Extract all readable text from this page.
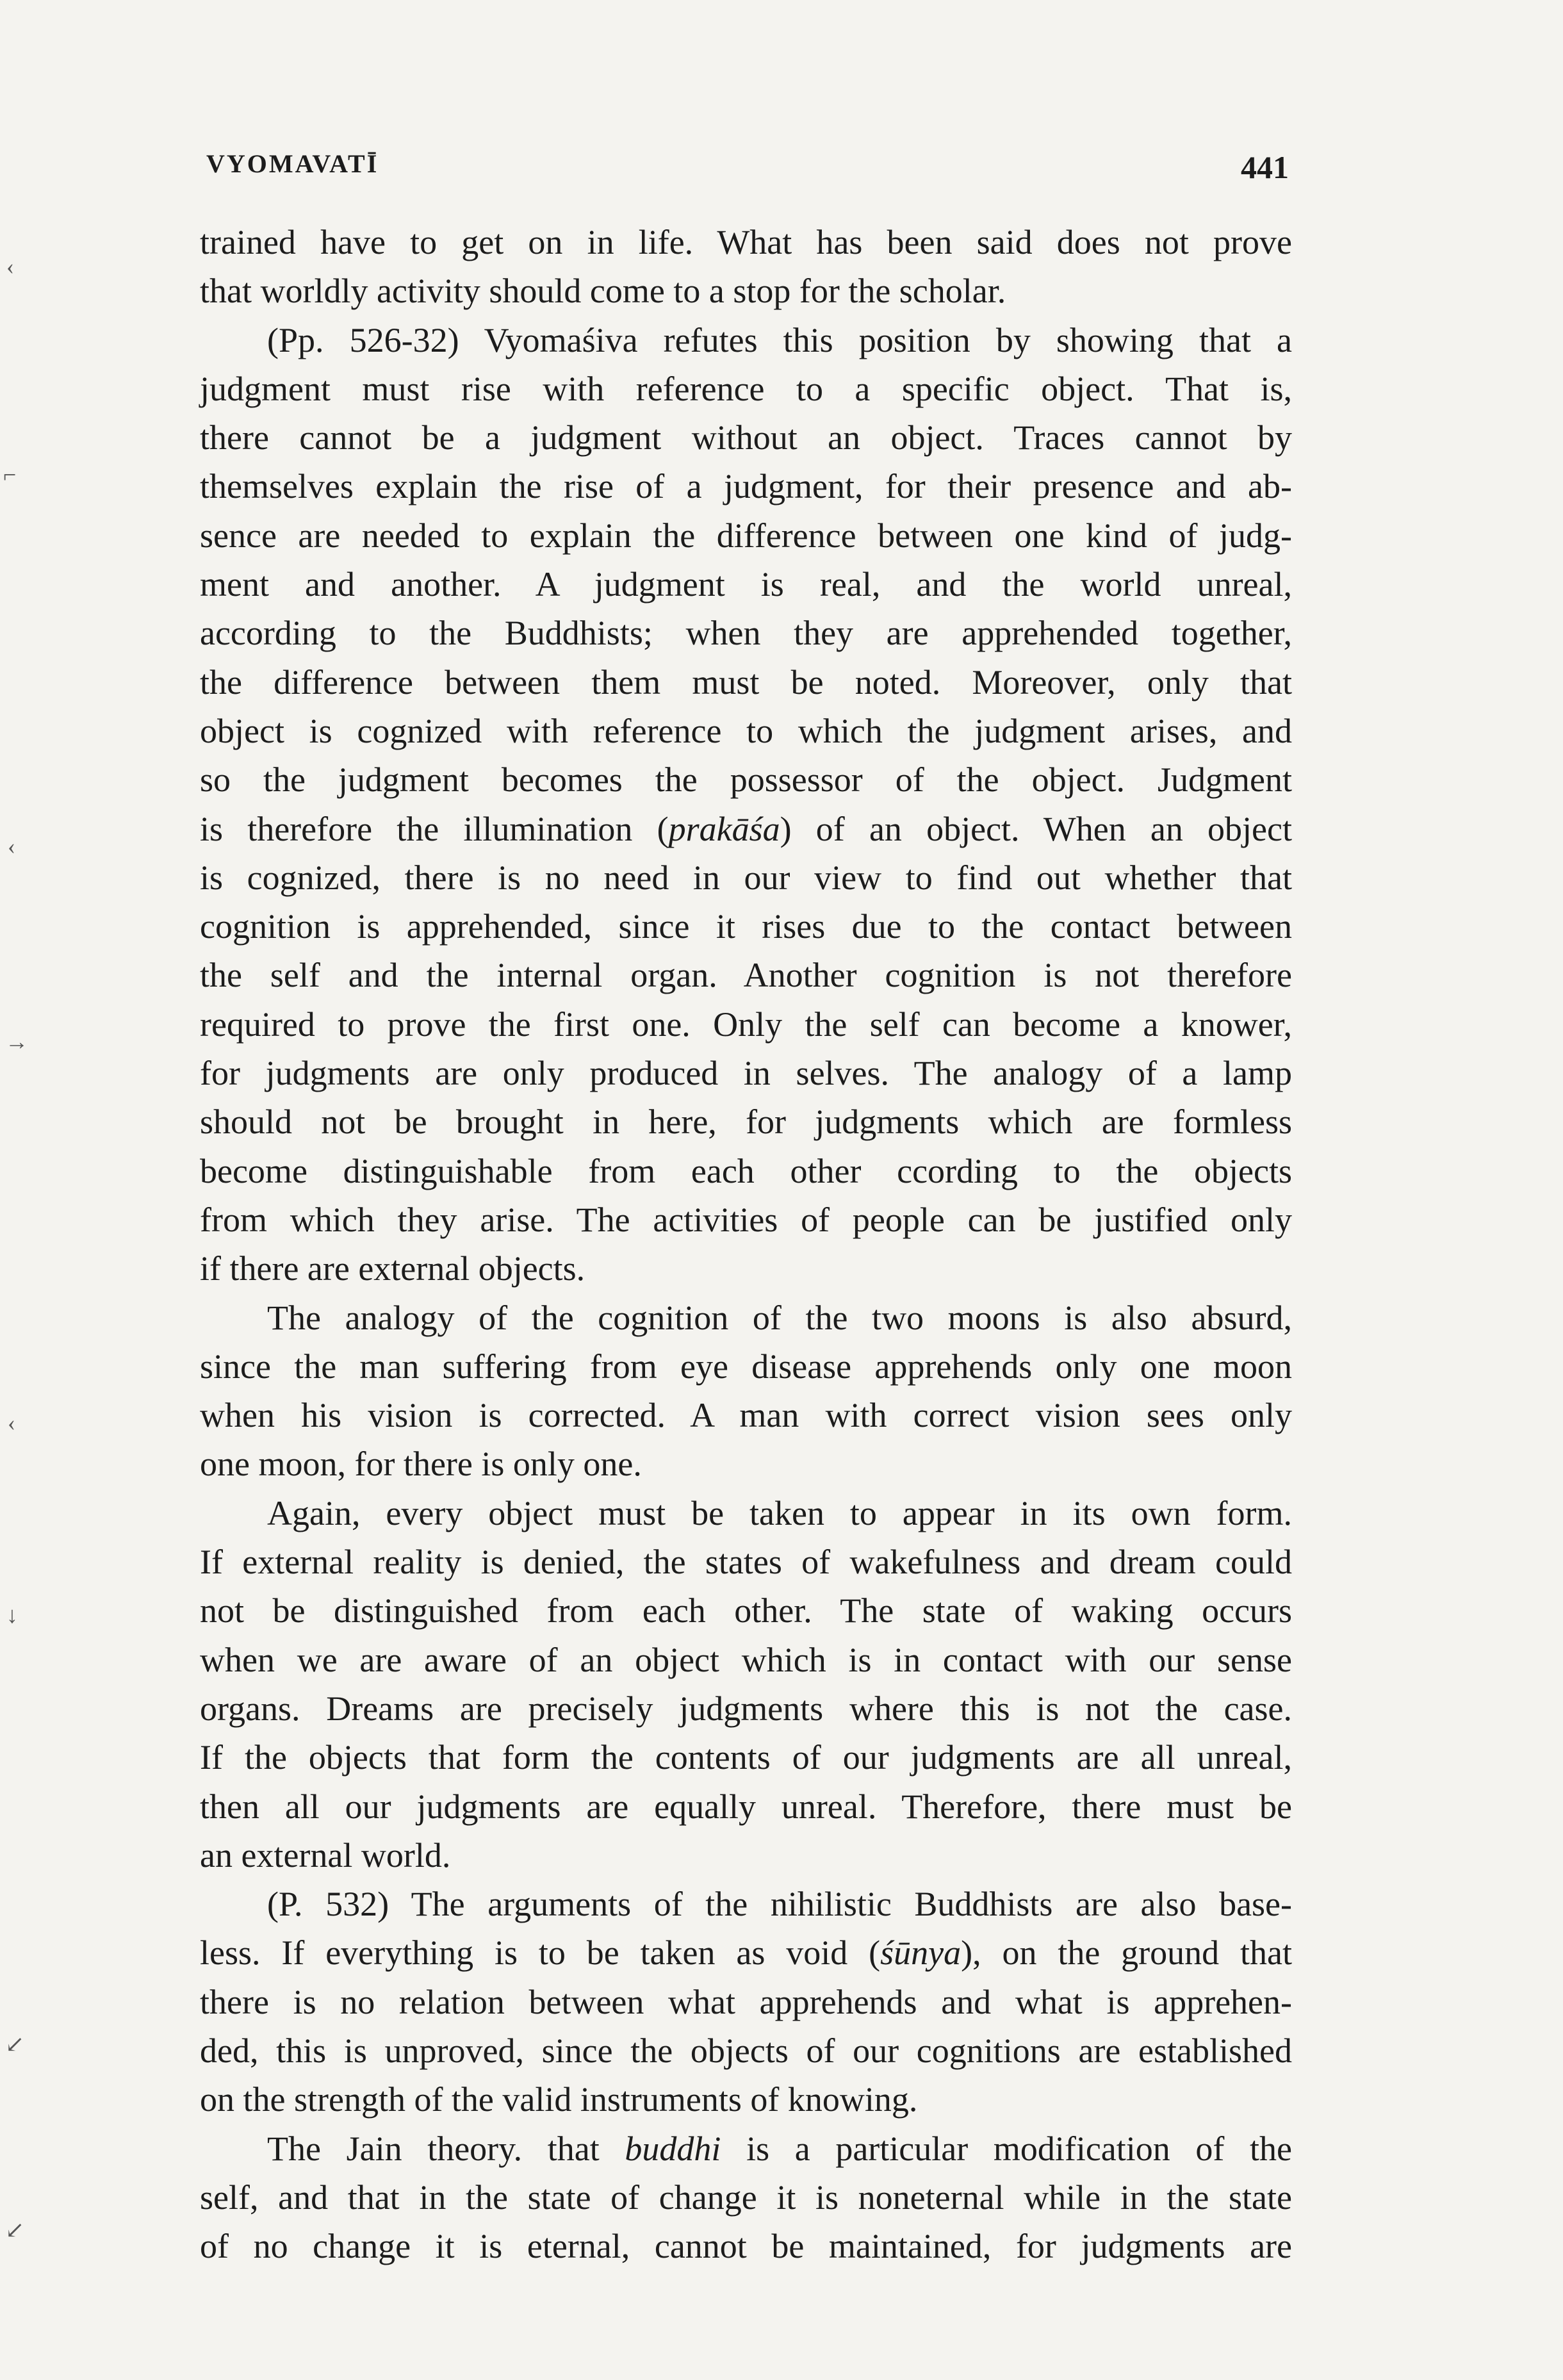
VYOMAVATĪ	441
trained have to get on in life. What has been said does not prove
that worldly activity should come to a stop for the scholar.
(Pp. 526-32) Vyomaśiva refutes this position by showing that a
judgment must rise with reference to a specific object. That is,
there cannot be a judgment without an object. Traces cannot by
themselves explain the rise of a judgment, for their presence and ab-
sence are needed to explain the difference between one kind of judg-
ment and another. A judgment is real, and the world unreal,
according to the Buddhists; when they are apprehended together,
the difference between them must be noted. Moreover, only that
object is cognized with reference to which the judgment arises, and
so the judgment becomes the possessor of the object. Judgment
is therefore the illumination (prakāśa) of an object. When an object
is cognized, there is no need in our view to find out whether that
cognition is apprehended, since it rises due to the contact between
the self and the internal organ. Another cognition is not therefore
required to prove the first one. Only the self can become a knower,
for judgments are only produced in selves. The analogy of a lamp
should not be brought in here, for judgments which are formless
become distinguishable from each other ccording to the objects
from which they arise. The activities of people can be justified only
if there are external objects.
The analogy of the cognition of the two moons is also absurd,
since the man suffering from eye disease apprehends only one moon
when his vision is corrected. A man with correct vision sees only
one moon, for there is only one.
Again, every object must be taken to appear in its own form.
If external reality is denied, the states of wakefulness and dream could
not be distinguished from each other. The state of waking occurs
when we are aware of an object which is in contact with our sense
organs. Dreams are precisely judgments where this is not the case.
If the objects that form the contents of our judgments are all unreal,
then all our judgments are equally unreal. Therefore, there must be
an external world.
(P. 532) The arguments of the nihilistic Buddhists are also base-
less. If everything is to be taken as void (śūnya), on the ground that
there is no relation between what apprehends and what is apprehen-
ded, this is unproved, since the objects of our cognitions are established
on the strength of the valid instruments of knowing.
The Jain theory. that buddhi is a particular modification of the
self, and that in the state of change it is noneternal while in the state
of no change it is eternal, cannot be maintained, for judgments are
‹
⌐
‹
→
‹
↓
↙
↙
